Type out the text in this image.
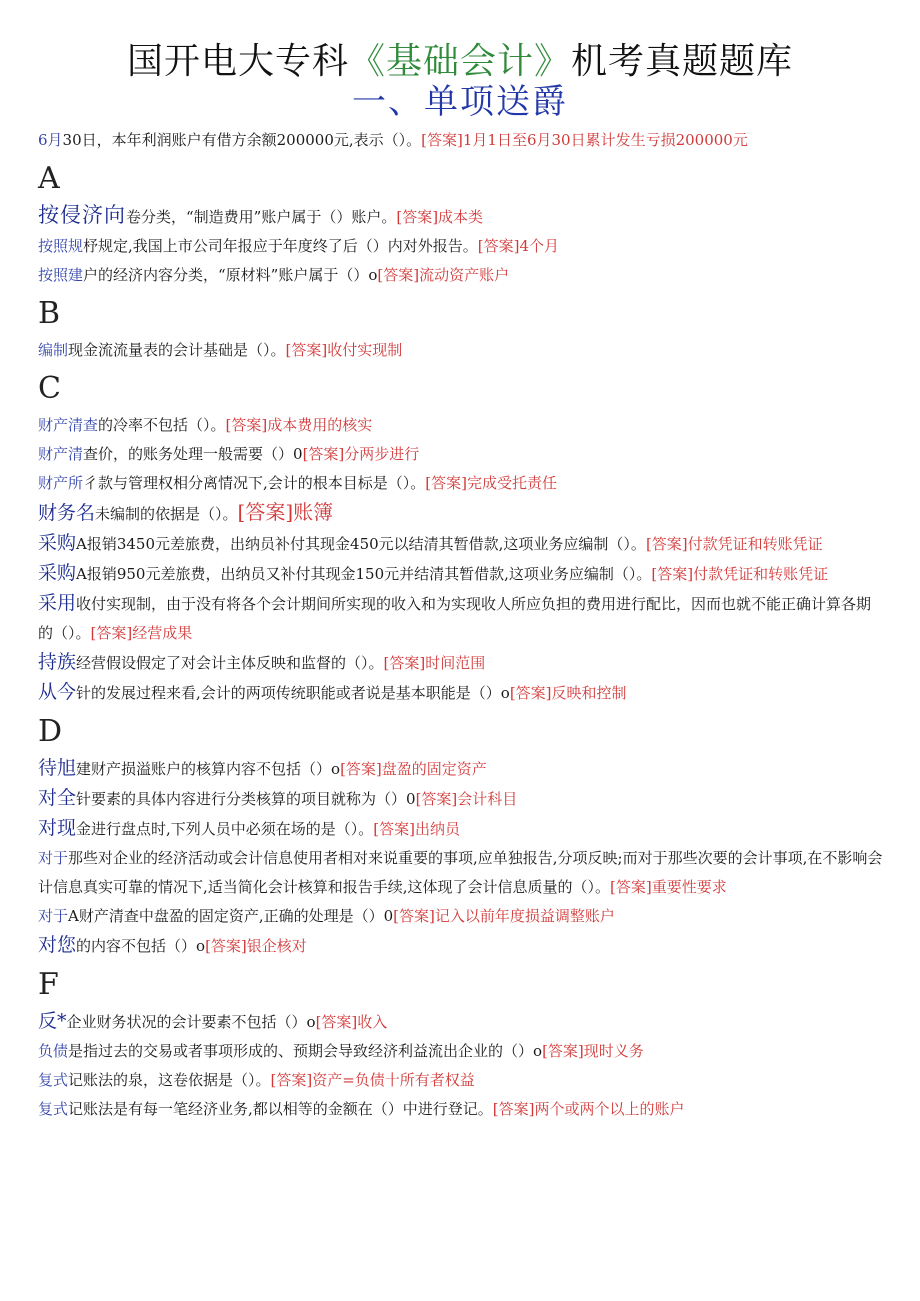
国开电大专科《基础会计》机考真题题库
一、单项送爵

6月30日，本年利润账户有借方余额200000元,表示（）。[答案]1月1日至6月30日累计发生亏损200000元

A

按侵济向卷分类，“制造费用”账户属于（）账户。[答案]成本类

按照规杼规定,我国上市公司年报应于年度终了后（）内对外报告。[答案]4个月

按照建户的经济内容分类，“原材料”账户属于（）o[答案]流动资产账户

B

编制现金流流量表的会计基础是（）。[答案]收付实现制

C

财产清查的冷率不包括（）。[答案]成本费用的核实

财产清查价，的账务处理一般需要（）0[答案]分两步进行

财产所彳款与管理权相分离情况下,会计的根本目标是（）。[答案]完成受托责任

财务名未编制的依据是（）。[答案]账簿

采购A报销3450元差旅费，出纳员补付其现金450元以结清其暂借款,这项业务应编制（）。[答案]付款凭证和转账凭证

采购A报销950元差旅费，出纳员又补付其现金150元并结清其暂借款,这项业务应编制（）。[答案]付款凭证和转账凭证

采用收付实现制，由于没有将各个会计期间所实现的收入和为实现收人所应负担的费用进行配比，因而也就不能正确计算各期的（）。[答案]经营成果

持族经营假设假定了对会计主体反映和监督的（）。[答案]时间范围

从今针的发展过程来看,会计的两项传统职能或者说是基本职能是（）o[答案]反映和控制

D

待旭建财产损溢账户的核算内容不包括（）o[答案]盘盈的固定资产

对全针要素的具体内容进行分类核算的项目就称为（）0[答案]会计科目

对现金进行盘点时,下列人员中必须在场的是（）。[答案]出纳员

对于那些对企业的经济活动或会计信息使用者相对来说重要的事项,应单独报告,分项反映;而对于那些次要的会计事项,在不影响会计信息真实可靠的情况下,适当简化会计核算和报告手续,这体现了会计信息质量的（）。[答案]重要性要求

对于A财产清查中盘盈的固定资产,正确的处理是（）0[答案]记入以前年度损益调整账户

对您的内容不包括（）o[答案]银企核对

F

反*企业财务状况的会计要素不包括（）o[答案]收入

负债是指过去的交易或者事项形成的、预期会导致经济利益流出企业的（）o[答案]现时义务

复式记账法的泉，这卷依据是（）。[答案]资产=负债十所有者权益

复式记账法是有每一笔经济业务,都以相等的金额在（）中进行登记。[答案]两个或两个以上的账户
